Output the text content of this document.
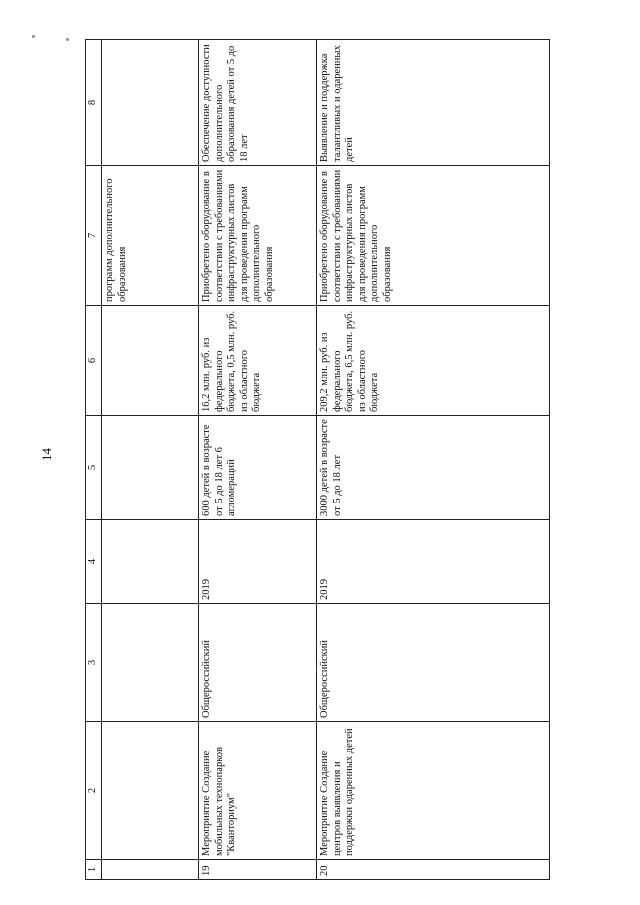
14
1	2	3	4	5	6	7	8
						программ дополнительного образования	
19	Мероприятие Создание мобильных технопарков "Кванториум"	Общероссийский	2019	600 детей в возрасте от 5 до 18 лет 6 агломераций	16,2 млн. руб. из федерального бюджета, 0,5 млн. руб. из областного бюджета	Приобретено оборудование в соответствии с требованиями инфраструктурных листов для проведения программ дополнительного образования	Обеспечение доступности дополнительного образования детей от 5 до 18 лет
20	Мероприятие Создание центров выявления и поддержки одаренных детей	Общероссийский	2019	3000 детей в возрасте от 5 до 18 лет	209,2 млн. руб. из федерального бюджета, 6,5 млн. руб. из областного бюджета	Приобретено оборудование в соответствии с требованиями инфраструктурных листов для проведения программ дополнительного образования	Выявление и поддержка талантливых и одаренных детей
